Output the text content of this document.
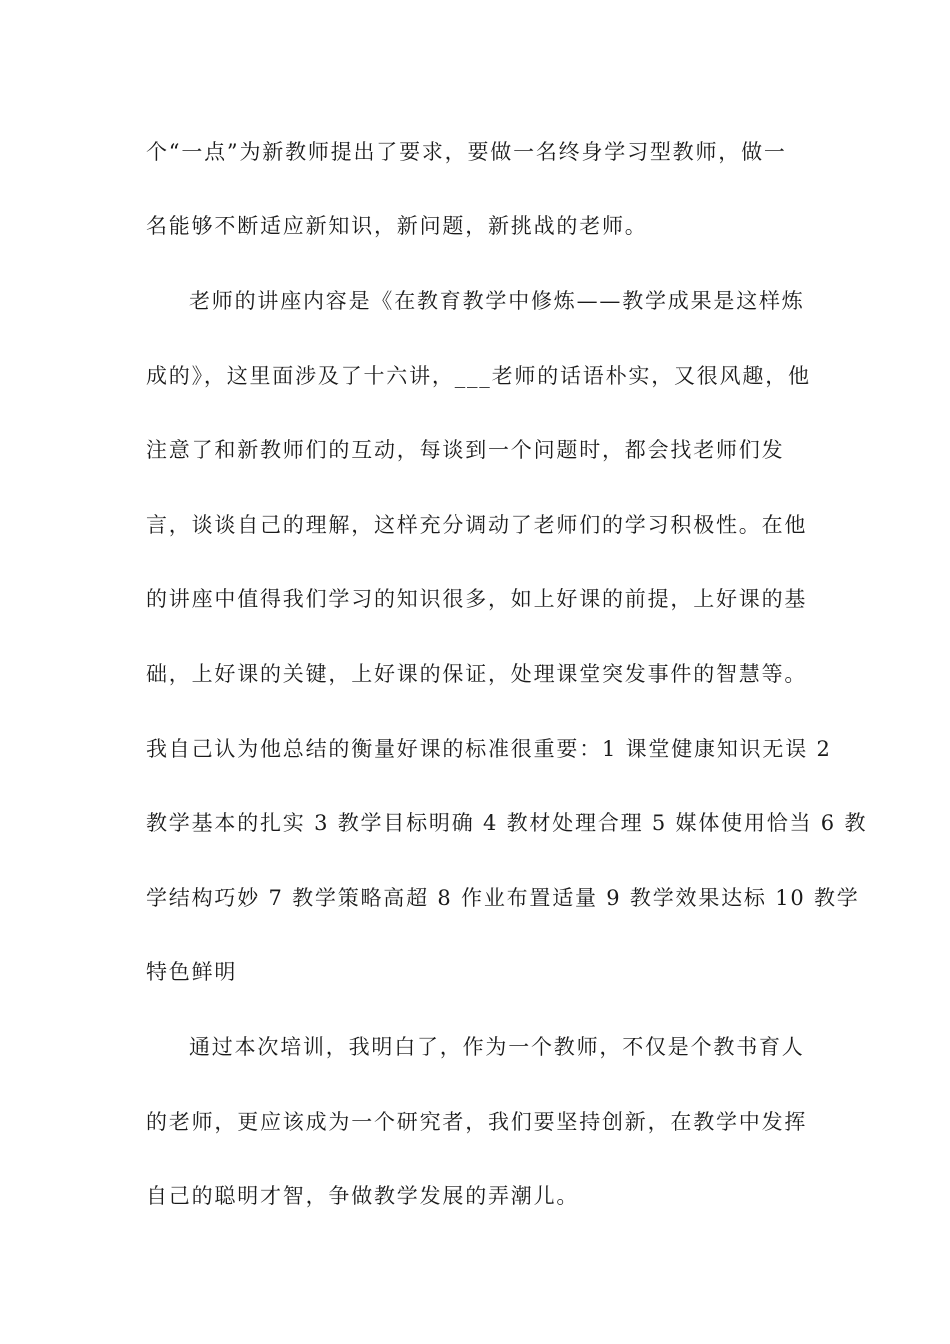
个“一点”为新教师提出了要求，要做一名终身学习型教师，做一
名能够不断适应新知识，新问题，新挑战的老师。
老师的讲座内容是《在教育教学中修炼——教学成果是这样炼
成的》，这里面涉及了十六讲，___老师的话语朴实，又很风趣，他
注意了和新教师们的互动，每谈到一个问题时，都会找老师们发
言，谈谈自己的理解，这样充分调动了老师们的学习积极性。在他
的讲座中值得我们学习的知识很多，如上好课的前提，上好课的基
础，上好课的关键，上好课的保证，处理课堂突发事件的智慧等。
我自己认为他总结的衡量好课的标准很重要：1 课堂健康知识无误 2
教学基本的扎实 3 教学目标明确 4 教材处理合理 5 媒体使用恰当 6 教
学结构巧妙 7 教学策略高超 8 作业布置适量 9 教学效果达标 10 教学
特色鲜明
通过本次培训，我明白了，作为一个教师，不仅是个教书育人
的老师，更应该成为一个研究者，我们要坚持创新，在教学中发挥
自己的聪明才智，争做教学发展的弄潮儿。
